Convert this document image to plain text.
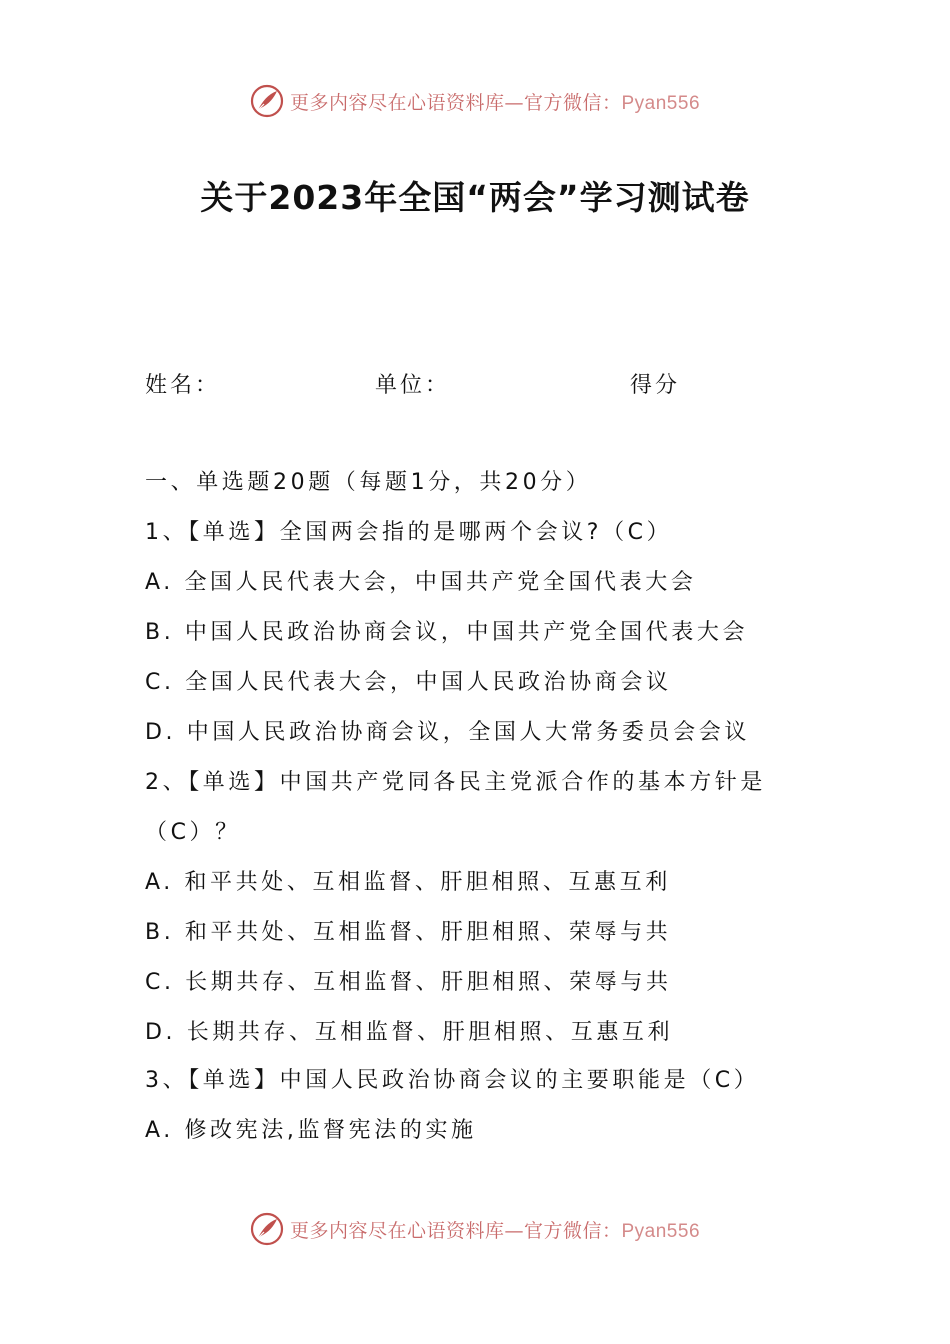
更多内容尽在心语资料库—官方微信：Pyan556
关于2023年全国“两会”学习测试卷
姓名：	单位：	得分
一、单选题20题（每题1分，共20分）
1、【单选】全国两会指的是哪两个会议?（C）
A. 全国人民代表大会，中国共产党全国代表大会
B. 中国人民政治协商会议，中国共产党全国代表大会
C. 全国人民代表大会，中国人民政治协商会议
D. 中国人民政治协商会议，全国人大常务委员会会议
2、【单选】中国共产党同各民主党派合作的基本方针是
（C）？
A. 和平共处、互相监督、肝胆相照、互惠互利
B. 和平共处、互相监督、肝胆相照、荣辱与共
C. 长期共存、互相监督、肝胆相照、荣辱与共
D. 长期共存、互相监督、肝胆相照、互惠互利
3、【单选】中国人民政治协商会议的主要职能是（C）
A. 修改宪法,监督宪法的实施
更多内容尽在心语资料库—官方微信：Pyan556
